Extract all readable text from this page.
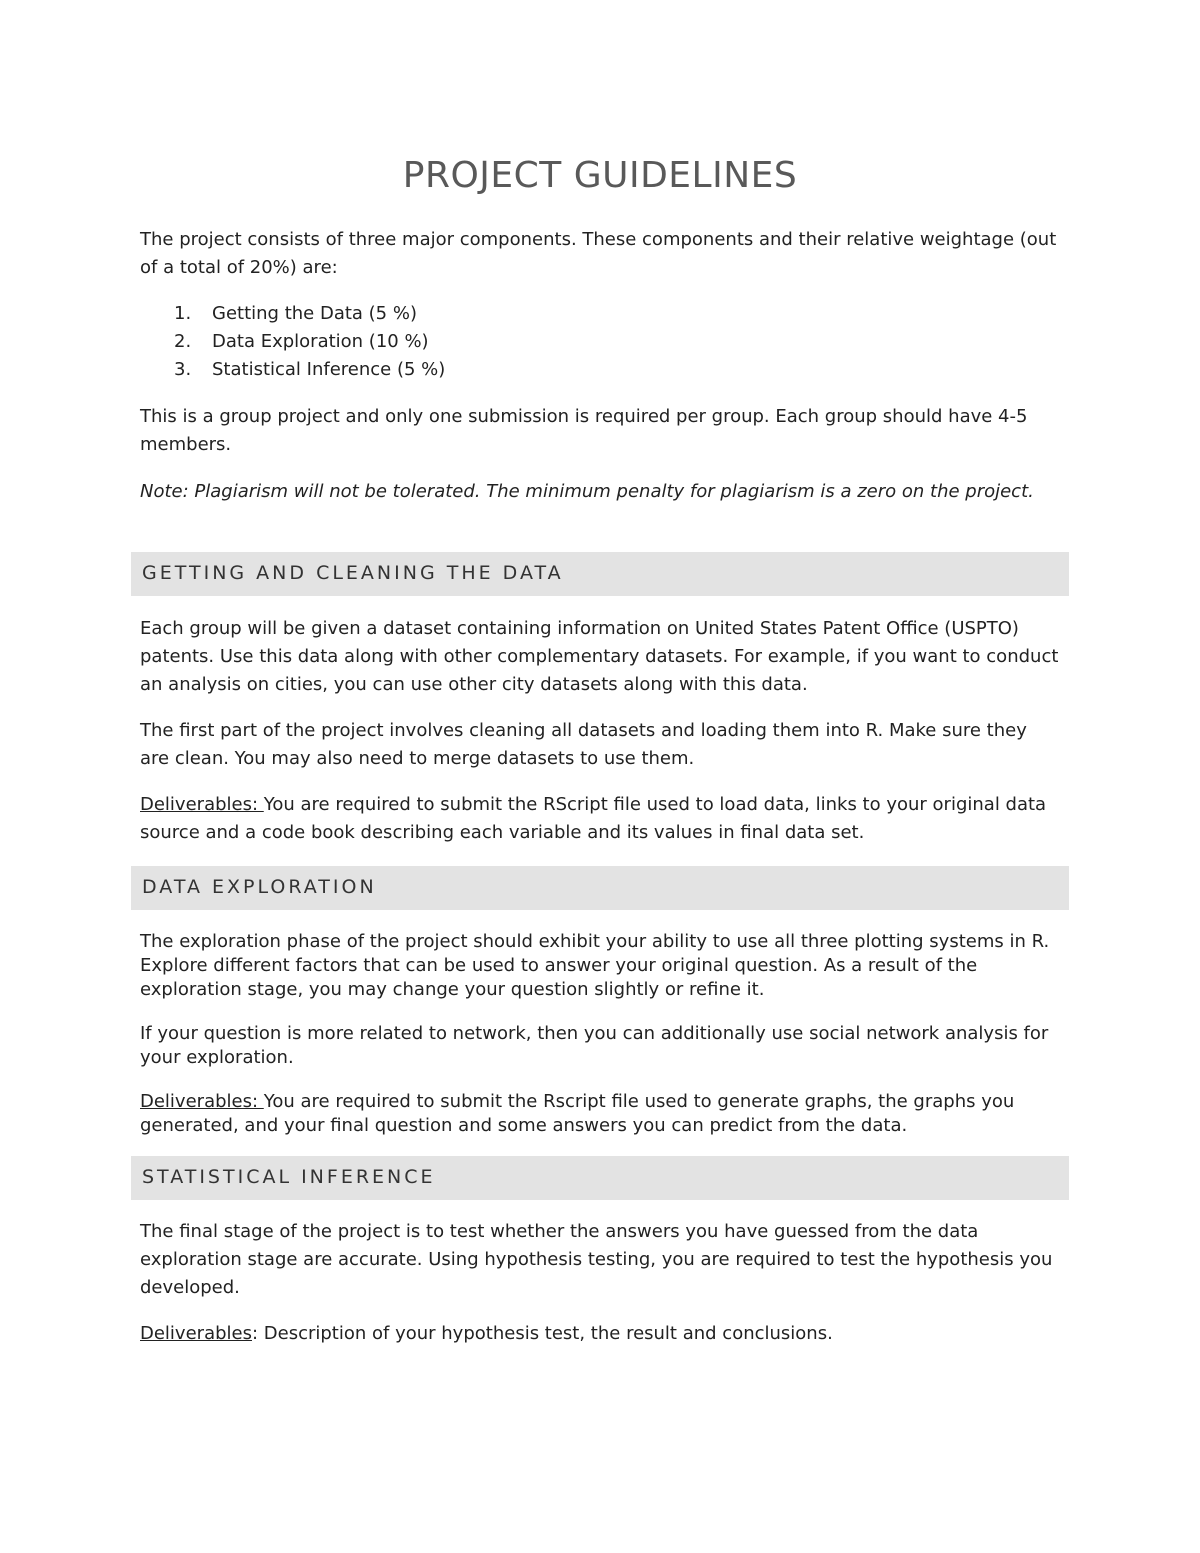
PROJECT GUIDELINES

The project consists of three major components. These components and their relative weightage (out of a total of 20%) are:

1. Getting the Data (5 %)
2. Data Exploration (10 %)
3. Statistical Inference (5 %)

This is a group project and only one submission is required per group. Each group should have 4-5 members.

Note: Plagiarism will not be tolerated. The minimum penalty for plagiarism is a zero on the project.

GETTING AND CLEANING THE DATA

Each group will be given a dataset containing information on United States Patent Office (USPTO) patents. Use this data along with other complementary datasets. For example, if you want to conduct an analysis on cities, you can use other city datasets along with this data.

The first part of the project involves cleaning all datasets and loading them into R. Make sure they are clean. You may also need to merge datasets to use them.

Deliverables: You are required to submit the RScript file used to load data, links to your original data source and a code book describing each variable and its values in final data set.

DATA EXPLORATION

The exploration phase of the project should exhibit your ability to use all three plotting systems in R. Explore different factors that can be used to answer your original question. As a result of the exploration stage, you may change your question slightly or refine it.

If your question is more related to network, then you can additionally use social network analysis for your exploration.

Deliverables: You are required to submit the Rscript file used to generate graphs, the graphs you generated, and your final question and some answers you can predict from the data.

STATISTICAL INFERENCE

The final stage of the project is to test whether the answers you have guessed from the data exploration stage are accurate. Using hypothesis testing, you are required to test the hypothesis you developed.

Deliverables: Description of your hypothesis test, the result and conclusions.
